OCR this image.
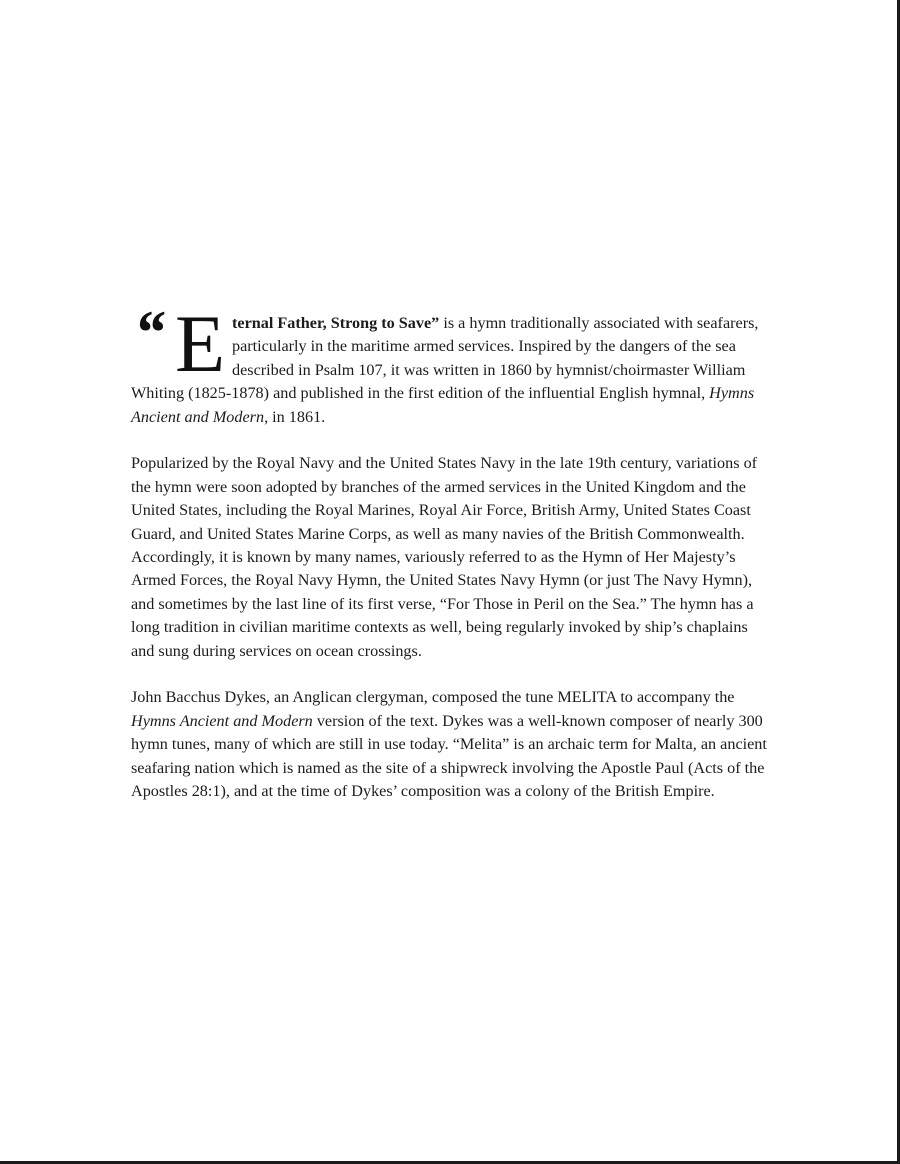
“ E ternal Father, Strong to Save” is a hymn traditionally associated with seafarers, particularly in the maritime armed services. Inspired by the dangers of the sea described in Psalm 107, it was written in 1860 by hymnist/choirmaster William Whiting (1825-1878) and published in the first edition of the influential English hymnal, Hymns Ancient and Modern, in 1861.

Popularized by the Royal Navy and the United States Navy in the late 19th century, variations of the hymn were soon adopted by branches of the armed services in the United Kingdom and the United States, including the Royal Marines, Royal Air Force, British Army, United States Coast Guard, and United States Marine Corps, as well as many navies of the British Commonwealth. Accordingly, it is known by many names, variously referred to as the Hymn of Her Majesty’s Armed Forces, the Royal Navy Hymn, the United States Navy Hymn (or just The Navy Hymn), and sometimes by the last line of its first verse, “For Those in Peril on the Sea.” The hymn has a long tradition in civilian maritime contexts as well, being regularly invoked by ship’s chaplains and sung during services on ocean crossings.

John Bacchus Dykes, an Anglican clergyman, composed the tune MELITA to accompany the Hymns Ancient and Modern version of the text. Dykes was a well-known composer of nearly 300 hymn tunes, many of which are still in use today. “Melita” is an archaic term for Malta, an ancient seafaring nation which is named as the site of a shipwreck involving the Apostle Paul (Acts of the Apostles 28:1), and at the time of Dykes’ composition was a colony of the British Empire.
